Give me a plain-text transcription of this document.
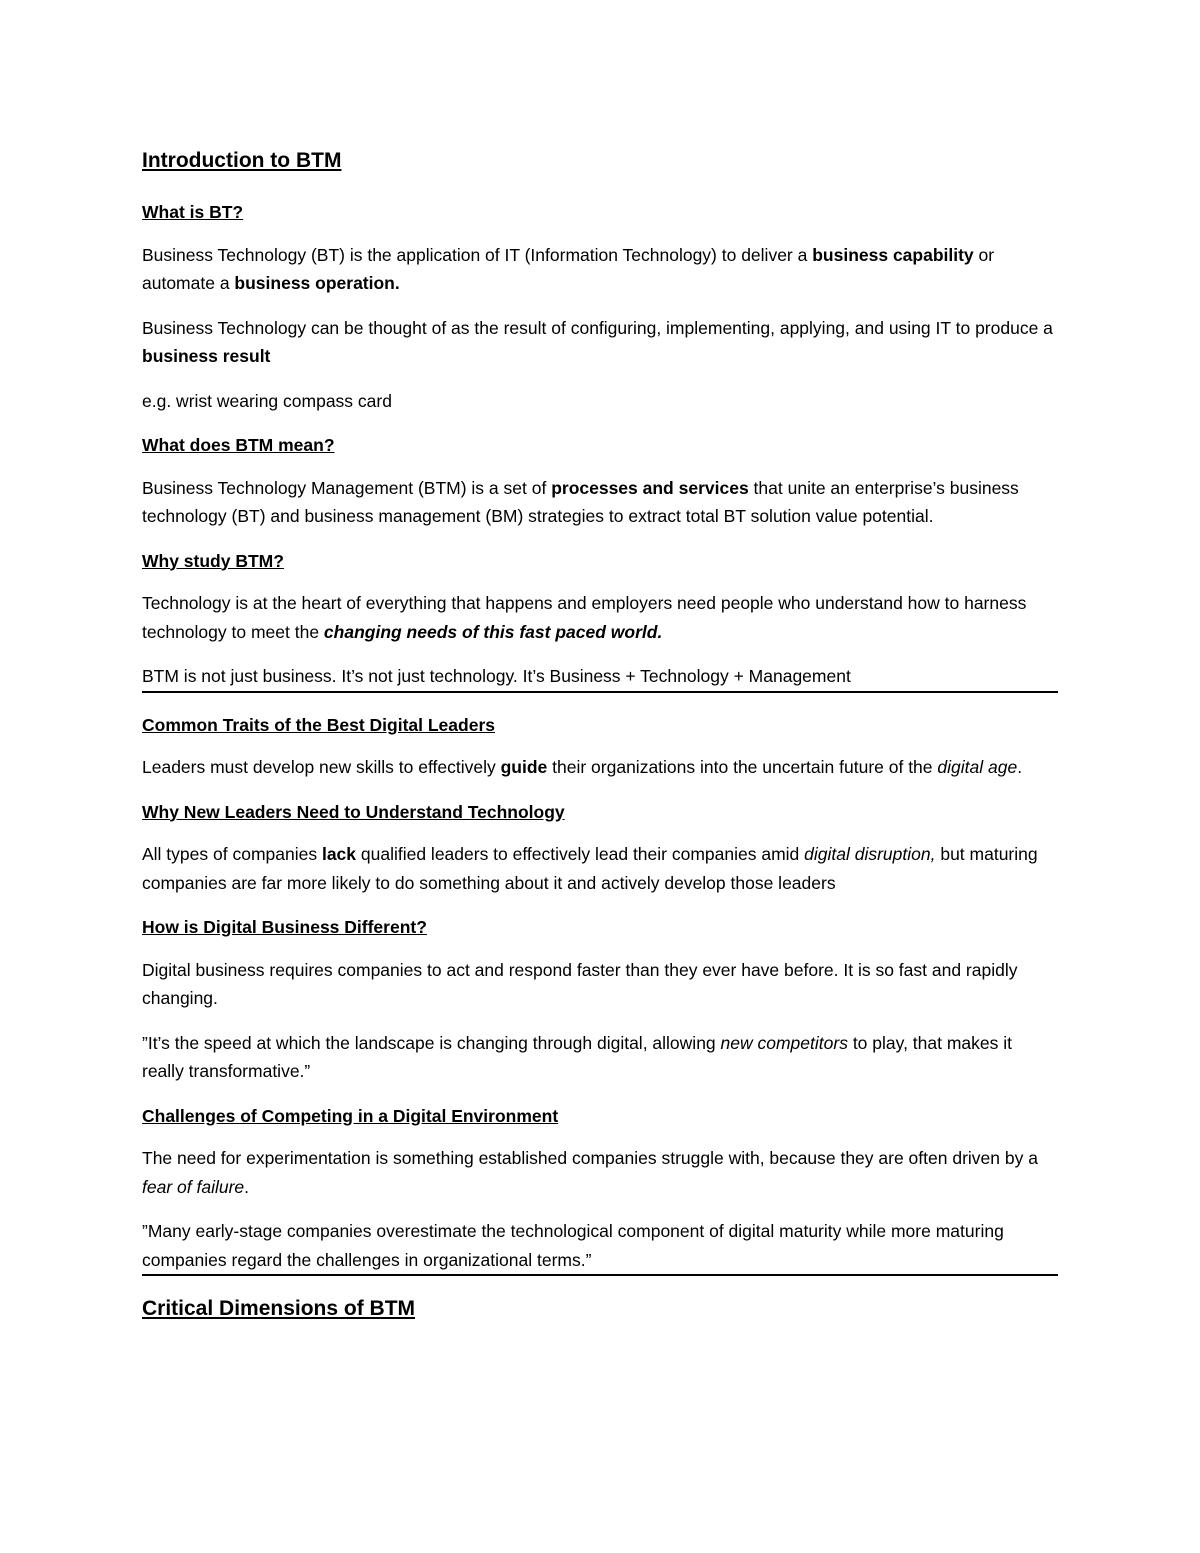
Introduction to BTM
What is BT?
Business Technology (BT) is the application of IT (Information Technology) to deliver a business capability or automate a business operation.
Business Technology can be thought of as the result of configuring, implementing, applying, and using IT to produce a business result
e.g. wrist wearing compass card
What does BTM mean?
Business Technology Management (BTM) is a set of processes and services that unite an enterprise’s business technology (BT) and business management (BM) strategies to extract total BT solution value potential.
Why study BTM?
Technology is at the heart of everything that happens and employers need people who understand how to harness technology to meet the changing needs of this fast paced world.
BTM is not just business. It’s not just technology. It’s Business + Technology + Management
Common Traits of the Best Digital Leaders
Leaders must develop new skills to effectively guide their organizations into the uncertain future of the digital age.
Why New Leaders Need to Understand Technology
All types of companies lack qualified leaders to effectively lead their companies amid digital disruption, but maturing companies are far more likely to do something about it and actively develop those leaders
How is Digital Business Different?
Digital business requires companies to act and respond faster than they ever have before. It is so fast and rapidly changing.
”It’s the speed at which the landscape is changing through digital, allowing new competitors to play, that makes it really transformative.”
Challenges of Competing in a Digital Environment
The need for experimentation is something established companies struggle with, because they are often driven by a fear of failure.
”Many early-stage companies overestimate the technological component of digital maturity while more maturing companies regard the challenges in organizational terms.”
Critical Dimensions of BTM
